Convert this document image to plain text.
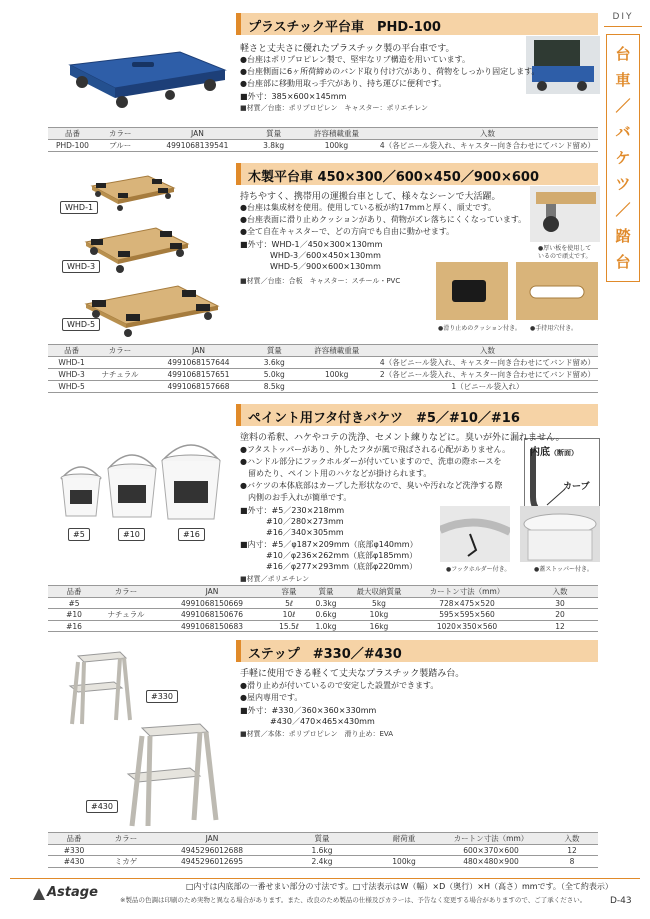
DIY
台
車
／
バ
ケ
ツ
／
踏
台
プラスチック平台車　PHD-100
軽さと丈夫さに優れたプラスチック製の平台車です。
●台座はポリプロピレン製で、堅牢なリブ構造を用いています。
●台座側面に6ヶ所荷締めのバンド取り付け穴があり、荷物をしっかり固定します。
●台座部に移動用取っ手穴があり、持ち運びに便利です。
■外寸：385×600×145mm
■材質／台座：ポリプロピレン　キャスター：ポリエチレン
品番	カラー	JAN	質量	許容積載重量	入数
PHD-100	ブルー	4991068139541	3.8kg	100kg	4（各ビニール袋入れ、キャスター向き合わせにてバンド留め）
WHD-1
WHD-3
WHD-5
●厚い板を使用して
いるので頑丈です。
●滑り止めのクッション付き。 ●手持用穴付き。
木製平台車 450×300／600×450／900×600
持ちやすく、携帯用の運搬台車として、様々なシーンで大活躍。
●台座は集成材を使用。使用している板が約17mmと厚く、頑丈です。
●台座表面に滑り止めクッションがあり、荷物がズレ落ちにくくなっています。
●全て自在キャスターで、どの方向でも自由に動かせます。
■外寸：WHD-1／450×300×130mm
WHD-3／600×450×130mm
WHD-5／900×600×130mm
■材質／台座：合板　キャスター：スチール・PVC
品番	カラー	JAN	質量	許容積載重量	入数
WHD-1		4991068157644	3.6kg		4（各ビニール袋入れ、キャスター向き合わせにてバンド留め）
WHD-3	ナチュラル	4991068157651	5.0kg	100kg	2（各ビニール袋入れ、キャスター向き合わせにてバンド留め）
WHD-5		4991068157668	8.5kg		1（ビニール袋入れ）
#5	#10	#16
内底（断面）
カーブ
●フックホルダー付き。	●蓋ストッパー付き。
ペイント用フタ付きバケツ　#5／#10／#16
塗料の希釈、ハケやコテの洗浄、セメント練りなどに。臭いが外に漏れません。
●フタストッパーがあり、外したフタが風で飛ばされる心配がありません。
●ハンドル部分にフックホルダーが付いていますので、洗車の際ホースを
　留めたり、ペイント用のハケなどが掛けられます。
●バケツの本体底部はカーブした形状なので、臭いや汚れなど洗浄する際
　内側のお手入れが簡単です。
■外寸：#5／230×218mm
#10／280×273mm
#16／340×305mm
■内寸：#5／φ187×209mm（底部φ140mm）
#10／φ236×262mm（底部φ185mm）
#16／φ277×293mm（底部φ220mm）
■材質／ポリエチレン
品番	カラー	JAN	容量	質量	最大収納質量	カートン寸法（mm）	入数
#5		4991068150669	5ℓ	0.3kg	5kg	728×475×520	30
#10	ナチュラル	4991068150676	10ℓ	0.6kg	10kg	595×595×560	20
#16		4991068150683	15.5ℓ	1.0kg	16kg	1020×350×560	12
#330
#430
ステップ　#330／#430
手軽に使用できる軽くて丈夫なプラスチック製踏み台。
●滑り止めが付いているので安定した設置ができます。
●屋内専用です。
■外寸：#330／360×360×330mm
#430／470×465×430mm
■材質／本体：ポリプロピレン　滑り止め：EVA
品番	カラー	JAN	質量	耐荷重	カートン寸法（mm）	入数
#330		4945296012688	1.6kg		600×370×600	12
#430	ミカゲ	4945296012695	2.4kg	100kg	480×480×900	8
□内寸は内底部の一番せまい部分の寸法です。□寸法表示はW（幅）×D（奥行）×H（高さ）mmです。（全て約表示）
Astage	※製品の色調は印刷のため実物と異なる場合があります。また、改良のため製品の仕様及びカラーは、予告なく変更する場合がありますので、ご了承ください。	D-43
